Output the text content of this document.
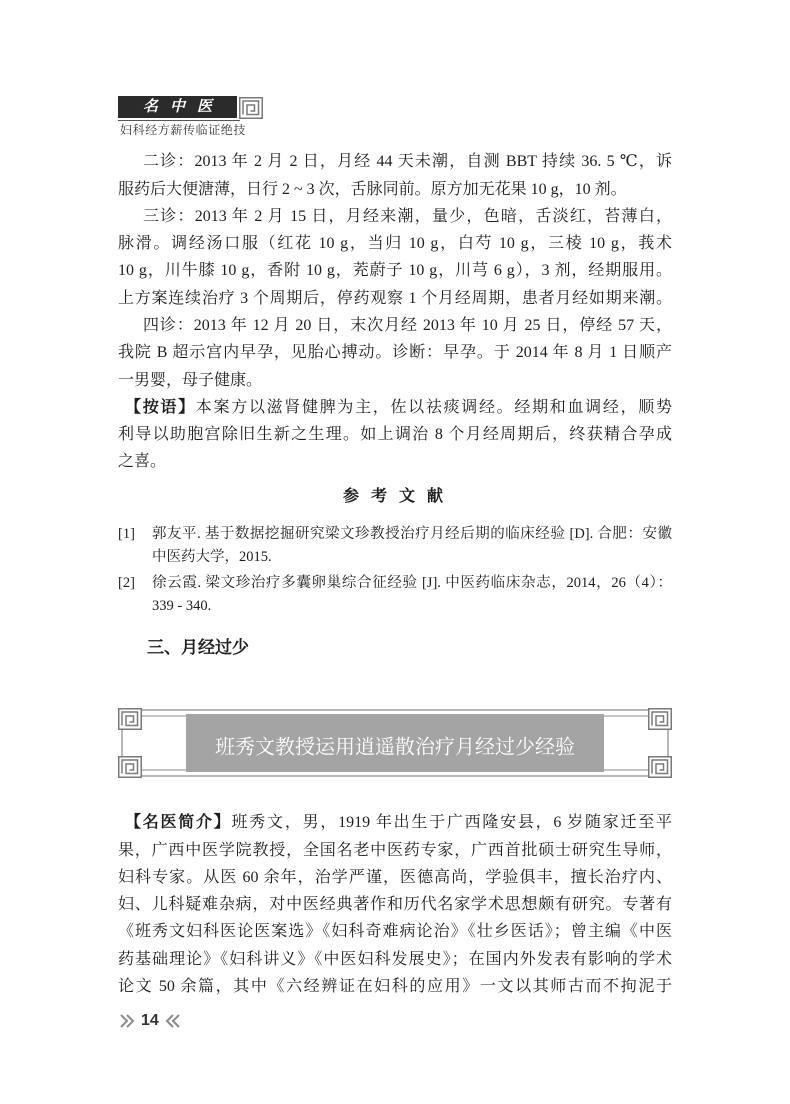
名中医
妇科经方薪传临证绝技
二诊：2013 年 2 月 2 日，月经 44 天未潮，自测 BBT 持续 36. 5 ℃，诉
服药后大便溏薄，日行 2 ~ 3 次，舌脉同前。原方加无花果 10 g，10 剂。
三诊：2013 年 2 月 15 日，月经来潮，量少，色暗，舌淡红，苔薄白，
脉滑。调经汤口服（红花 10 g，当归 10 g，白芍 10 g，三棱 10 g，莪术
10 g，川牛膝 10 g，香附 10 g，茺蔚子 10 g，川芎 6 g），3 剂，经期服用。
上方案连续治疗 3 个周期后，停药观察 1 个月经周期，患者月经如期来潮。
四诊：2013 年 12 月 20 日，末次月经 2013 年 10 月 25 日，停经 57 天，
我院 B 超示宫内早孕，见胎心搏动。诊断：早孕。于 2014 年 8 月 1 日顺产
一男婴，母子健康。
【按语】本案方以滋肾健脾为主，佐以祛痰调经。经期和血调经，顺势
利导以助胞宫除旧生新之生理。如上调治 8 个月经周期后，终获精合孕成
之喜。
参 考 文 献
[1] 郭友平. 基于数据挖掘研究梁文珍教授治疗月经后期的临床经验 [D]. 合肥：安徽
中医药大学，2015.
[2] 徐云霞. 梁文珍治疗多囊卵巢综合征经验 [J]. 中医药临床杂志，2014，26（4）：
339 - 340.
三、月经过少
班秀文教授运用逍遥散治疗月经过少经验
【名医简介】班秀文，男，1919 年出生于广西隆安县，6 岁随家迁至平
果，广西中医学院教授，全国名老中医药专家，广西首批硕士研究生导师，
妇科专家。从医 60 余年，治学严谨，医德高尚，学验俱丰，擅长治疗内、
妇、儿科疑难杂病，对中医经典著作和历代名家学术思想颇有研究。专著有
《班秀文妇科医论医案选》《妇科奇难病论治》《壮乡医话》；曾主编《中医
药基础理论》《妇科讲义》《中医妇科发展史》；在国内外发表有影响的学术
论文 50 余篇，其中《六经辨证在妇科的应用》一文以其师古而不拘泥于
14
